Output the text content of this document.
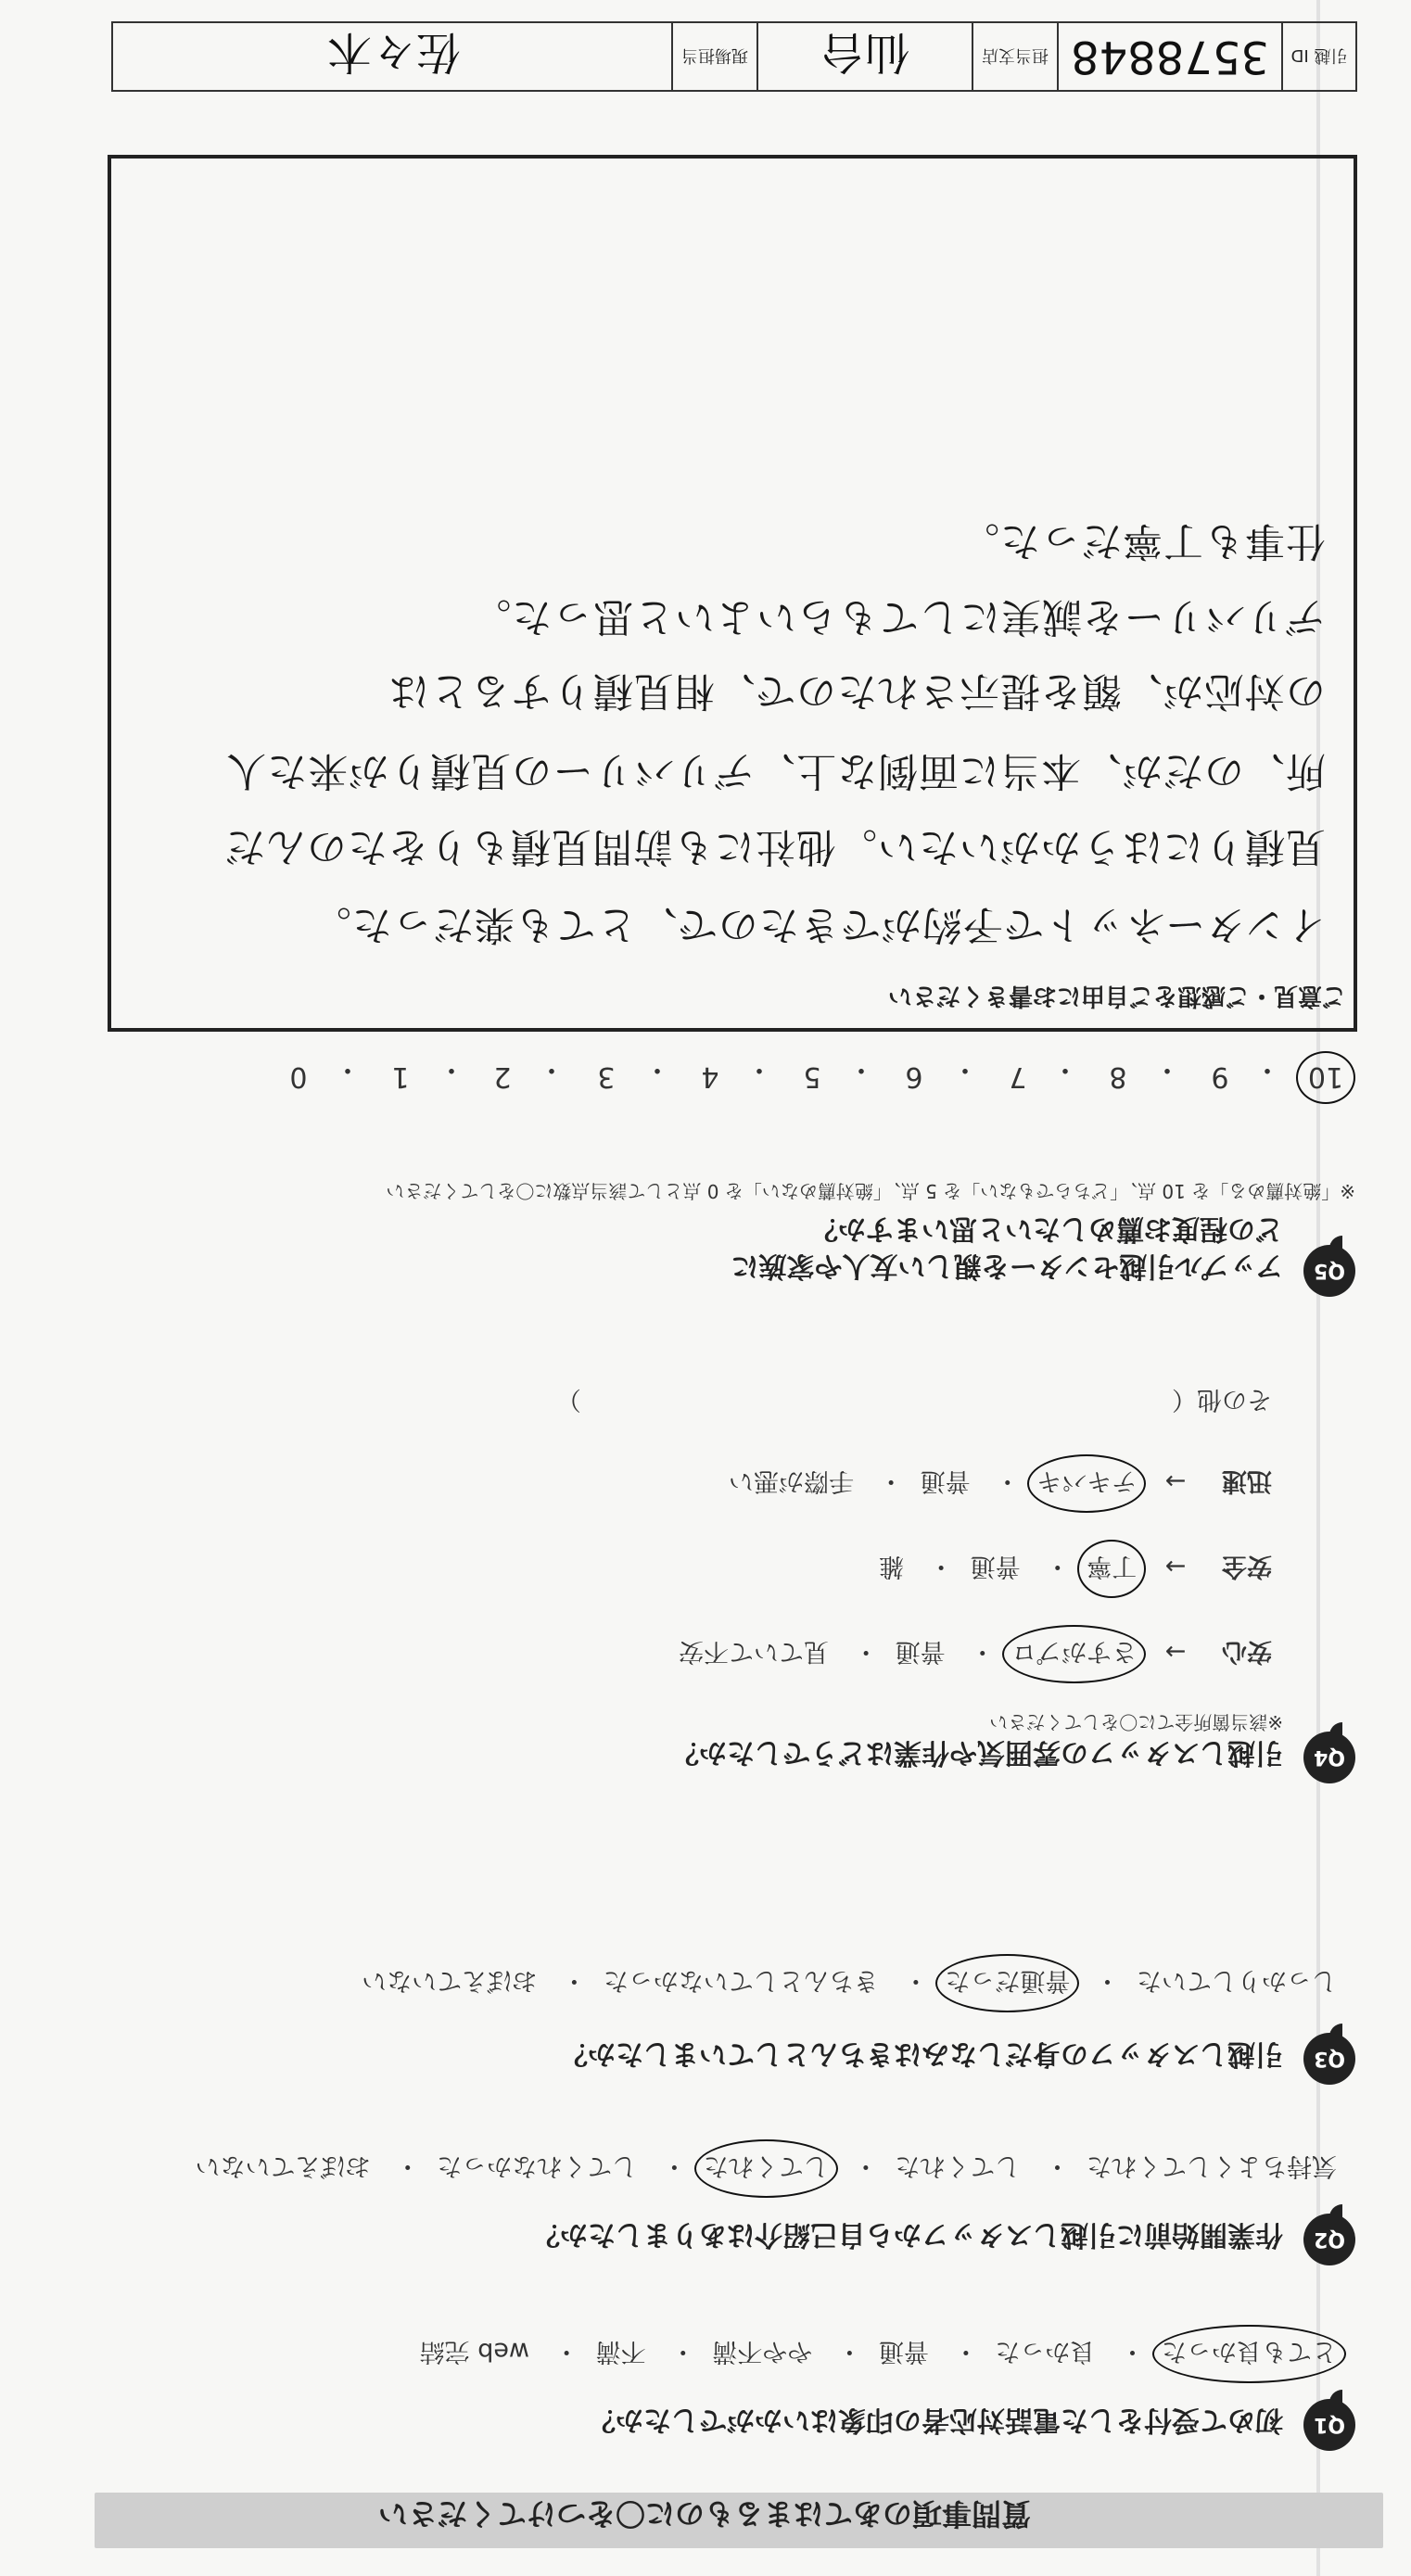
質問事項のあてはまるものに〇をつけてください
Q1
初めて受付をした電話対応者の印象はいかがでしたか？
とても良かった・ 良かった・ 普通・ やや不満・ 不満・ web 完結
Q2
作業開始前に引越しスタッフから自己紹介はありましたか？
気持ちよくしてくれた・ してくれた・ してくれた・ してくれなかった・ おぼえていない
Q3
引越しスタッフの身だしなみはきちんとしていましたか？
しっかりしていた・ 普通だった・ きちんとしていなかった・ おぼえていない
Q4
引越しスタッフの雰囲気や作業はどうでしたか？
※該当箇所全てに〇をしてください
安心 → さすがプロ・ 普通・ 見ていて不安
安全 → 丁寧・ 普通・ 雑
迅速 → テキパキ・ 普通・ 手際が悪い
その他（  ）
Q5
アップル引越センターを親しい友人や家族に
どの程度お薦めしたいと思いますか？
※「絶対薦める」を 10 点、「どちらでもない」を 5 点、「絶対薦めない」を 0 点として該当点数に〇をしてください
10
・
9
・
8
・
7
・
6
・
5
・
4
・
3
・
2
・
1
・
0
ご意見・ご感想をご自由にお書きください
インターネットで予約ができたので、とても楽だった。
見積りにはうかがいたい。他社にも訪問見積もりをたのんだ
所、のだが、本当に面倒な上、デリバリーの見積りが来た人
の対応が、額を提示されたので、相見積りするとは
デリバリーを誠実にしてもらいよいと思った。
仕事も丁寧だった。
引越 ID
3578848
担当支店
仙台
現場担当
佐々木
